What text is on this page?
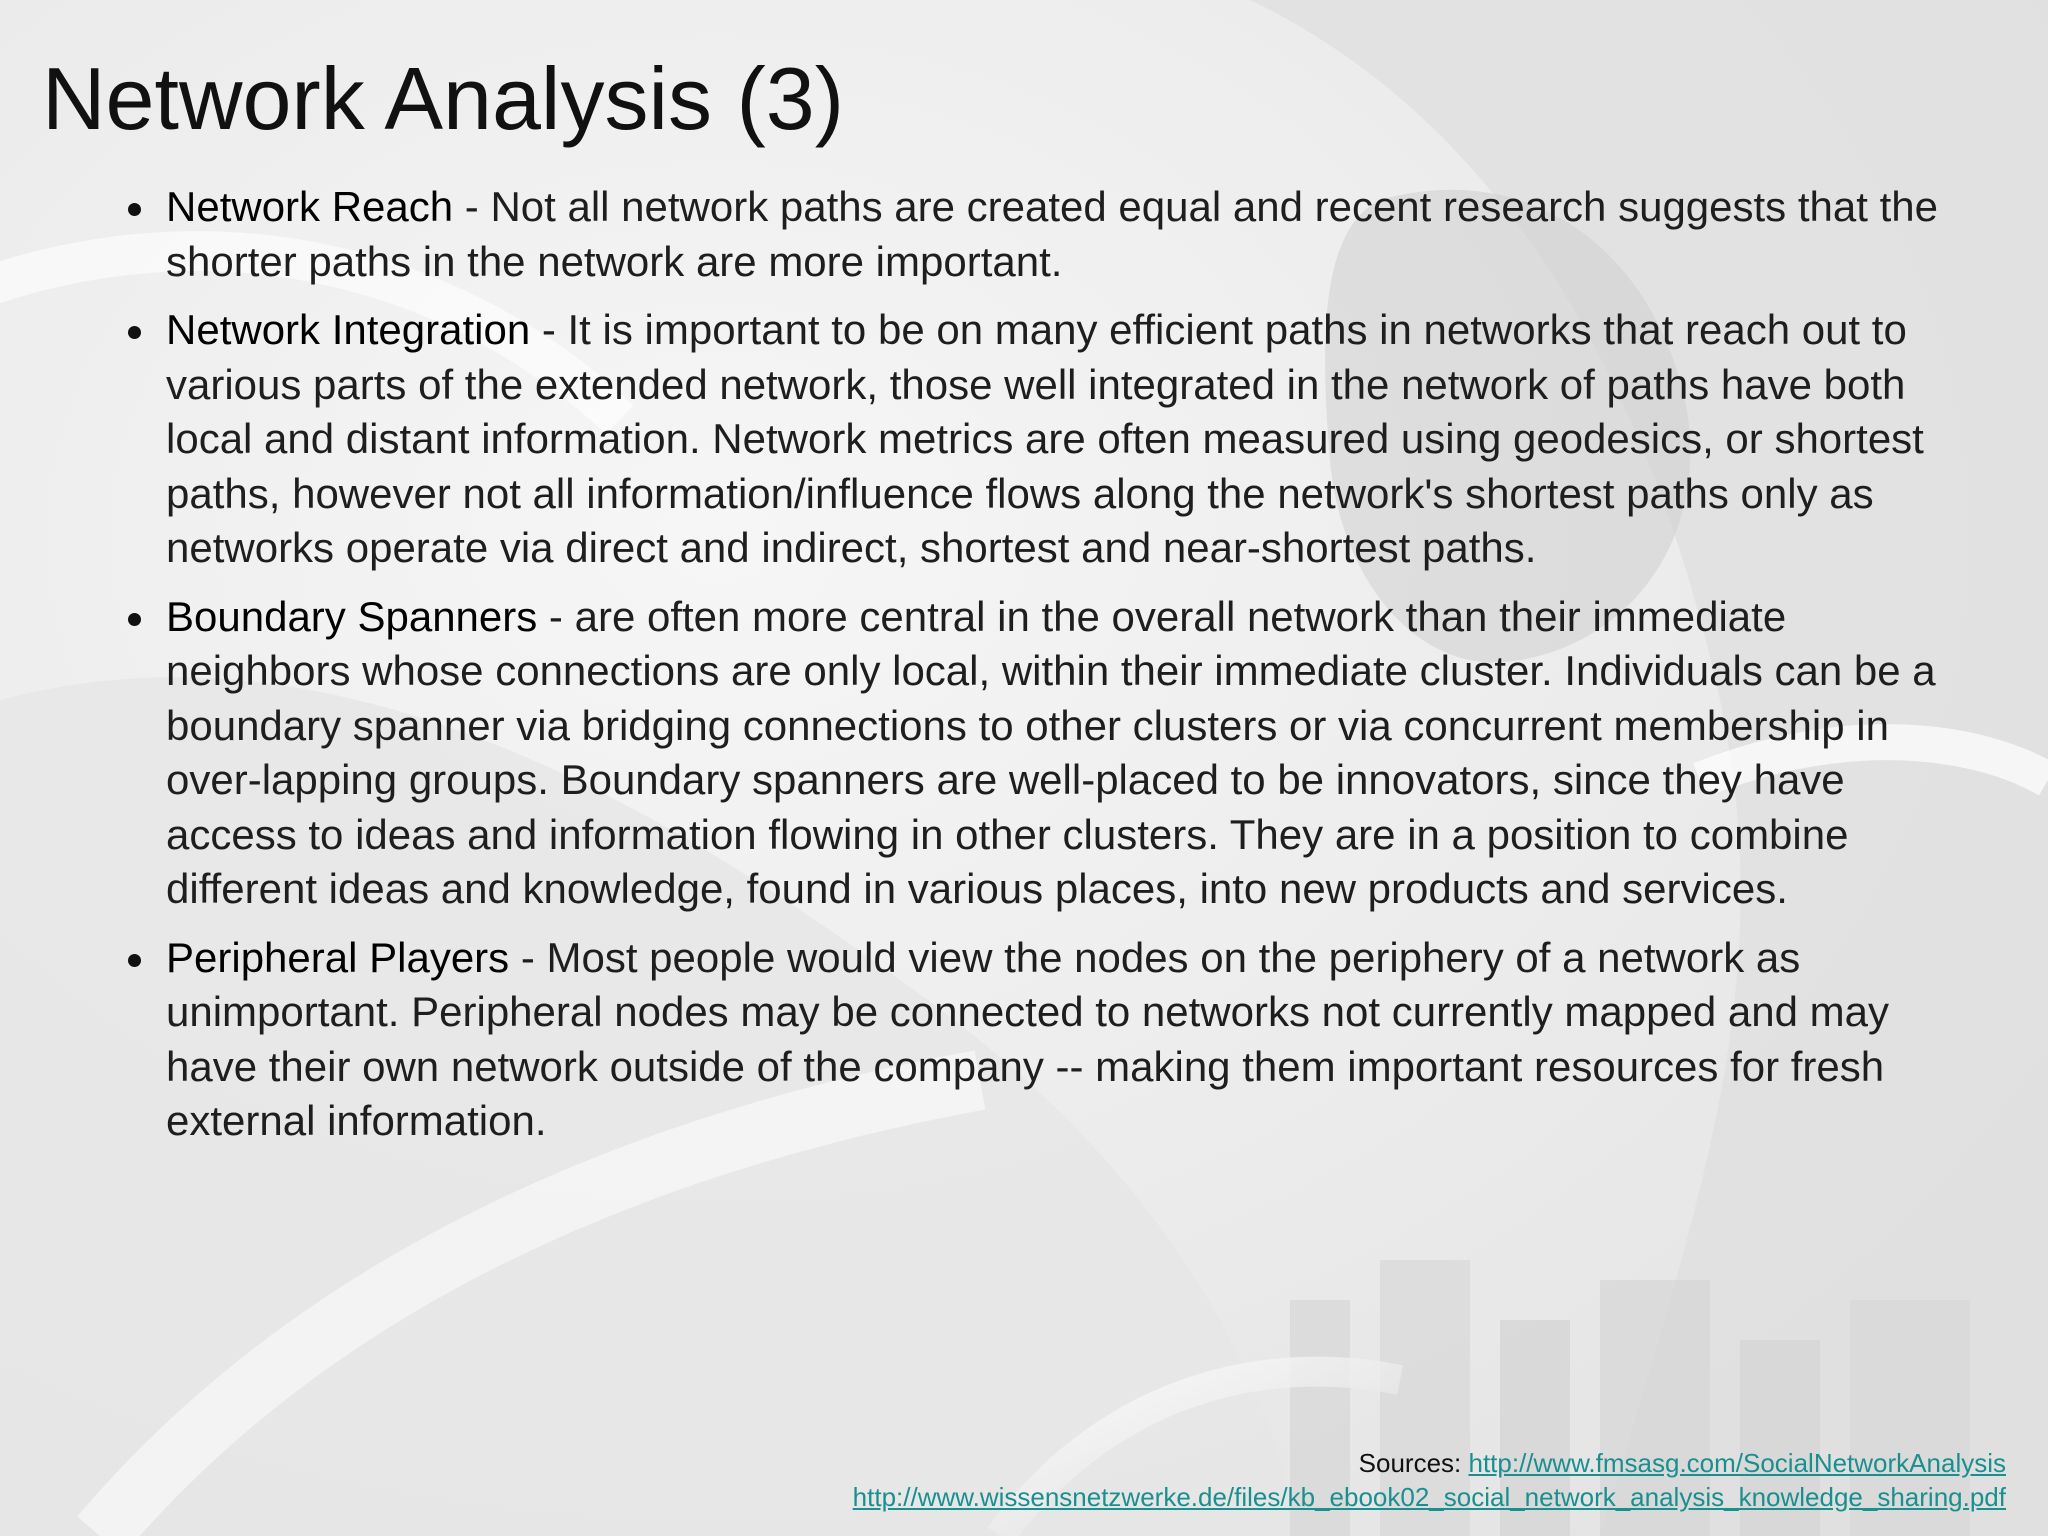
Network Analysis (3)
Network Reach - Not all network paths are created equal and recent research suggests that the shorter paths in the network are more important.
Network Integration - It is important to be on many efficient paths in networks that reach out to various parts of the extended network, those well integrated in the network of paths have both local and distant information. Network metrics are often measured using geodesics, or shortest paths, however not all information/influence flows along the network's shortest paths only as networks operate via direct and indirect, shortest and near-shortest paths.
Boundary Spanners - are often more central in the overall network than their immediate neighbors whose connections are only local, within their immediate cluster. Individuals can be a boundary spanner via bridging connections to other clusters or via concurrent membership in over-lapping groups. Boundary spanners are well-placed to be innovators, since they have access to ideas and information flowing in other clusters. They are in a position to combine different ideas and knowledge, found in various places, into new products and services.
Peripheral Players - Most people would view the nodes on the periphery of a network as unimportant. Peripheral nodes may be connected to networks not currently mapped and may have their own network outside of the company -- making them important resources for fresh external information.
Sources: http://www.fmsasg.com/SocialNetworkAnalysis
http://www.wissensnetzwerke.de/files/kb_ebook02_social_network_analysis_knowledge_sharing.pdf
